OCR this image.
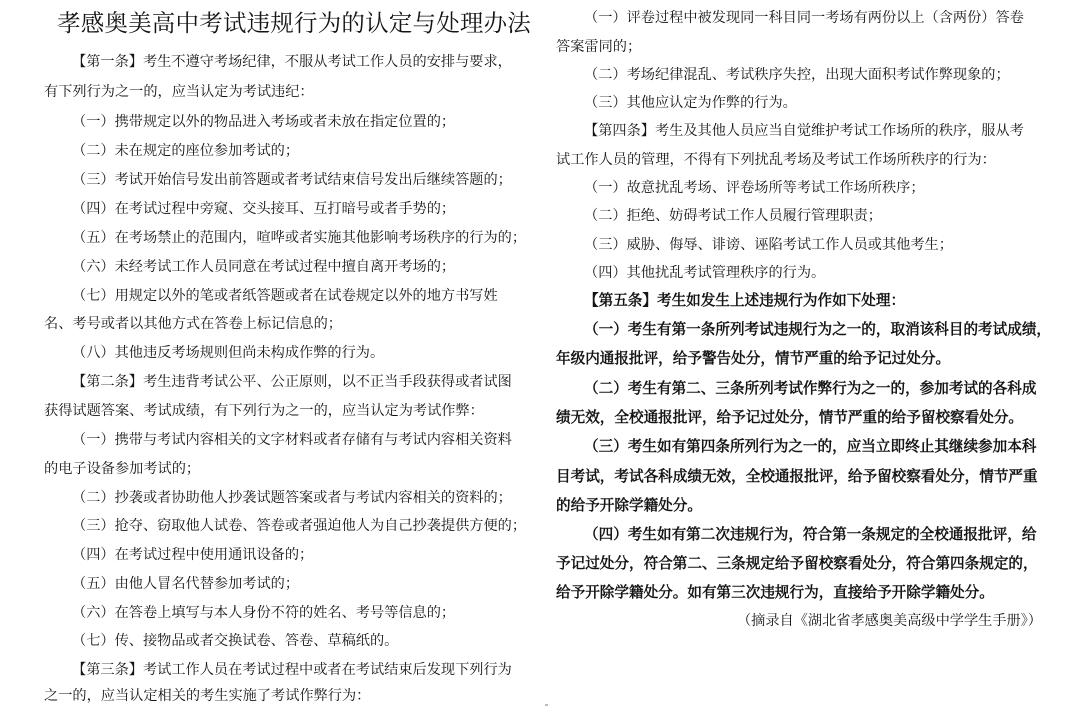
孝感奥美高中考试违规行为的认定与处理办法
【第一条】考生不遵守考场纪律，不服从考试工作人员的安排与要求，
有下列行为之一的，应当认定为考试违纪：
（一）携带规定以外的物品进入考场或者未放在指定位置的；
（二）未在规定的座位参加考试的；
（三）考试开始信号发出前答题或者考试结束信号发出后继续答题的；
（四）在考试过程中旁窥、交头接耳、互打暗号或者手势的；
（五）在考场禁止的范围内，喧哗或者实施其他影响考场秩序的行为的；
（六）未经考试工作人员同意在考试过程中擅自离开考场的；
（七）用规定以外的笔或者纸答题或者在试卷规定以外的地方书写姓
名、考号或者以其他方式在答卷上标记信息的；
（八）其他违反考场规则但尚未构成作弊的行为。
【第二条】考生违背考试公平、公正原则，以不正当手段获得或者试图
获得试题答案、考试成绩，有下列行为之一的，应当认定为考试作弊：
（一）携带与考试内容相关的文字材料或者存储有与考试内容相关资料
的电子设备参加考试的；
（二）抄袭或者协助他人抄袭试题答案或者与考试内容相关的资料的；
（三）抢夺、窃取他人试卷、答卷或者强迫他人为自己抄袭提供方便的；
（四）在考试过程中使用通讯设备的；
（五）由他人冒名代替参加考试的；
（六）在答卷上填写与本人身份不符的姓名、考号等信息的；
（七）传、接物品或者交换试卷、答卷、草稿纸的。
【第三条】考试工作人员在考试过程中或者在考试结束后发现下列行为
之一的，应当认定相关的考生实施了考试作弊行为：
（一）评卷过程中被发现同一科目同一考场有两份以上（含两份）答卷
答案雷同的；
（二）考场纪律混乱、考试秩序失控，出现大面积考试作弊现象的；
（三）其他应认定为作弊的行为。
【第四条】考生及其他人员应当自觉维护考试工作场所的秩序，服从考
试工作人员的管理，不得有下列扰乱考场及考试工作场所秩序的行为：
（一）故意扰乱考场、评卷场所等考试工作场所秩序；
（二）拒绝、妨碍考试工作人员履行管理职责；
（三）威胁、侮辱、诽谤、诬陷考试工作人员或其他考生；
（四）其他扰乱考试管理秩序的行为。
【第五条】考生如发生上述违规行为作如下处理：
（一）考生有第一条所列考试违规行为之一的，取消该科目的考试成绩，
年级内通报批评，给予警告处分，情节严重的给予记过处分。
（二）考生有第二、三条所列考试作弊行为之一的，参加考试的各科成
绩无效，全校通报批评，给予记过处分，情节严重的给予留校察看处分。
（三）考生如有第四条所列行为之一的，应当立即终止其继续参加本科
目考试，考试各科成绩无效，全校通报批评，给予留校察看处分，情节严重
的给予开除学籍处分。
（四）考生如有第二次违规行为，符合第一条规定的全校通报批评，给
予记过处分，符合第二、三条规定给予留校察看处分，符合第四条规定的，
给予开除学籍处分。如有第三次违规行为，直接给予开除学籍处分。
（摘录自《湖北省孝感奥美高级中学学生手册》）
